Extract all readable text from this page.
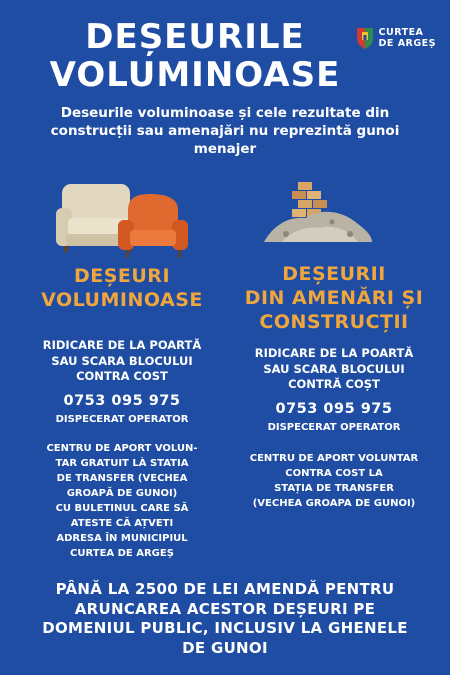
DEȘEURILE
VOLUMINOASE
CURTEA
DE ARGEȘ
Deseurile voluminoase și cele rezultate din
construcții sau amenajări nu reprezintă gunoi
menajer
DEȘEURI
VOLUMINOASE
RIDICARE DE LA POARTĂ
SAU SCARA BLOCULUI
CONTRA COST
0753 095 975
DISPECERAT OPERATOR
CENTRU DE APORT VOLUN-
TAR GRATUIT LÀ STATIA
DE TRANSFER (VECHEA
GROAPĂ DE GUNOI)
CU BULETINUL CARE SĂ
ATESTE CĂ AȚVETI
ADRESA ÎN MUNICIPIUL
CURTEA DE ARGEȘ
DEȘEURII
DIN AMENĂRI ȘI
CONSTRUCȚII
RIDICARE DE LA POARTĂ
SAU SCARA BLOCULUI
CONTRĂ COȘT
0753 095 975
DISPECERAT OPERATOR
CENTRU DE APORT VOLUNTAR
CONTRA COST LA
STAȚIA DE TRANSFER
(VECHEA GROAPA DE GUNOI)
PÂNĂ LA 2500 DE LEI AMENDĂ PENTRU
ARUNCAREA ACESTOR DEȘEURI PE
DOMENIUL PUBLIC, INCLUSIV LA GHENELE
DE GUNOI
